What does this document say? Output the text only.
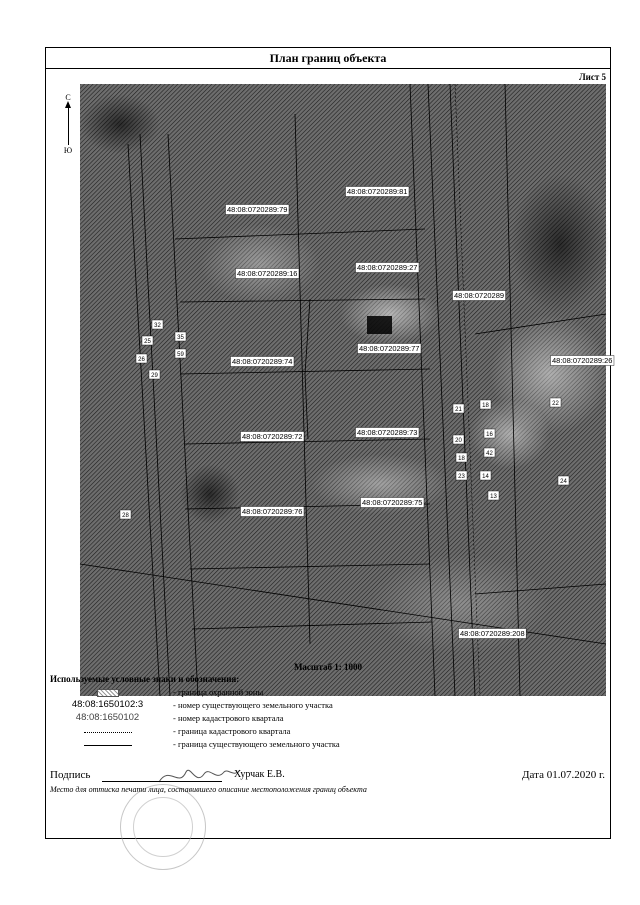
План границ объекта
Лист 5
С
Ю
48:08:0720289:79
48:08:0720289:81
48:08:0720289:16
48:08:0720289:27
48:08:0720289
48:08:0720289:77
48:08:0720289:74	48:08:0720289:26
48:08:0720289:72	48:08:0720289:73
48:08:0720289:76
48:08:0720289:75
48:08:0720289:208
32
25
26
29
35
59
21
18
20
16
18
42
22
23	14
24
28
13
Масштаб 1: 1000
Используемые условные знаки и обозначения:
- граница охранной зоны
48:08:1650102:3	- номер существующего земельного участка
48:08:1650102	- номер кадастрового квартала
- граница кадастрового квартала
- граница существующего земельного участка
Подпись	Хурчак Е.В.	Дата 01.07.2020 г.
Место для оттиска печати лица, составившего описание местоположения границ объекта
